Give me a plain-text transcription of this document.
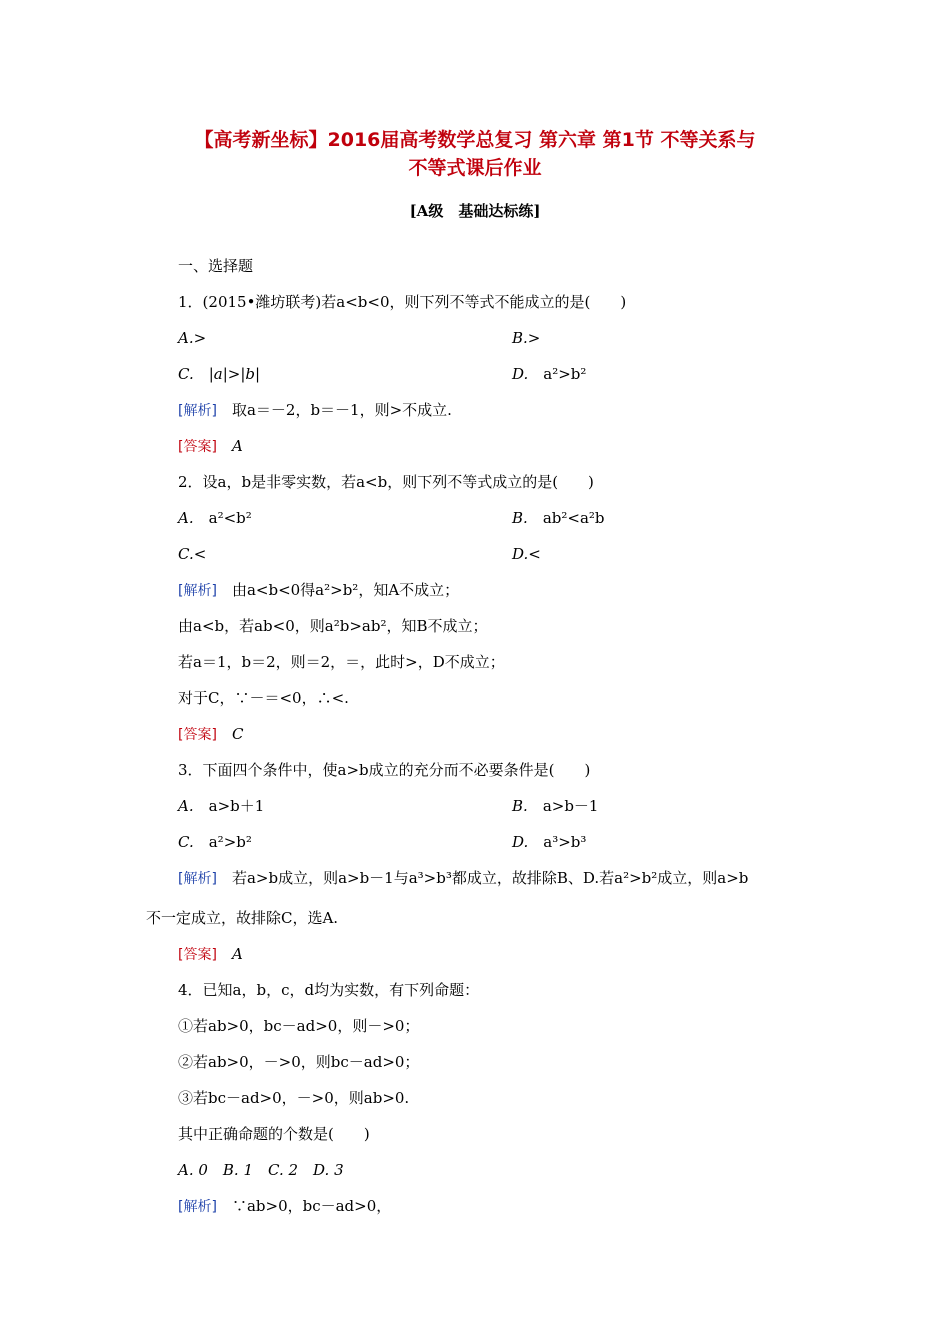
【高考新坐标】2016届高考数学总复习 第六章 第1节 不等关系与
不等式课后作业
[A级　基础达标练]
一、选择题
1．(2015•潍坊联考)若a<b<0，则下列不等式不能成立的是(　　)
A.>	B.>
C.　|a|>|b|	D.　 a²>b²
[解析]　 取a＝－2，b＝－1，则>不成立.
[答案]　 A
2．设a，b是非零实数，若a<b，则下列不等式成立的是(　　)
A.　 a²<b²	B.　 ab²<a²b
C.<	D.<
[解析]　 由a<b<0得a²>b²，知A不成立；
由a<b，若ab<0，则a²b>ab²，知B不成立；
若a＝1，b＝2，则＝2，＝，此时>，D不成立；
对于C，∵－＝<0，∴<.
[答案]　 C
3．下面四个条件中，使a>b成立的充分而不必要条件是(　　)
A.　 a>b＋1	B.　 a>b－1
C.　 a²>b²	D.　 a³>b³
[解析]　 若a>b成立，则a>b－1与a³>b³都成立，故排除B、D.若a²>b²成立，则a>b
不一定成立，故排除C，选A.
[答案]　 A
4．已知a，b，c，d均为实数，有下列命题：
①若ab>0，bc－ad>0，则－>0；
②若ab>0，－>0，则bc－ad>0；
③若bc－ad>0，－>0，则ab>0.
其中正确命题的个数是(　　)
A. 0　B. 1　C. 2　D. 3
[解析]　 ∵ab>0，bc－ad>0，
